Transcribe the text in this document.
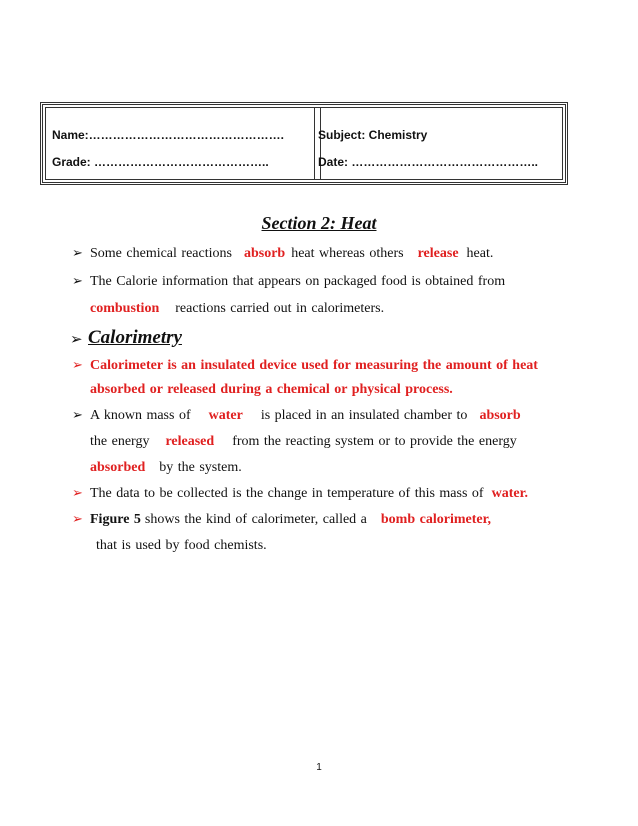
Name:………………………………………….
Grade: ……………………………………..
Subject: Chemistry
Date: ………………………………………..
Section 2: Heat
➢ Some chemical reactions absorb heat whereas others release heat.
➢ The Calorie information that appears on packaged food is obtained from
combustion reactions carried out in calorimeters.
➢ Calorimetry
➢ Calorimeter is an insulated device used for measuring the amount of heat
absorbed or released during a chemical or physical process.
➢ A known mass of water is placed in an insulated chamber to absorb
the energy released from the reacting system or to provide the energy
absorbed by the system.
➢ The data to be collected is the change in temperature of this mass of water.
➢ Figure 5 shows the kind of calorimeter, called a bomb calorimeter,
that is used by food chemists.
1
